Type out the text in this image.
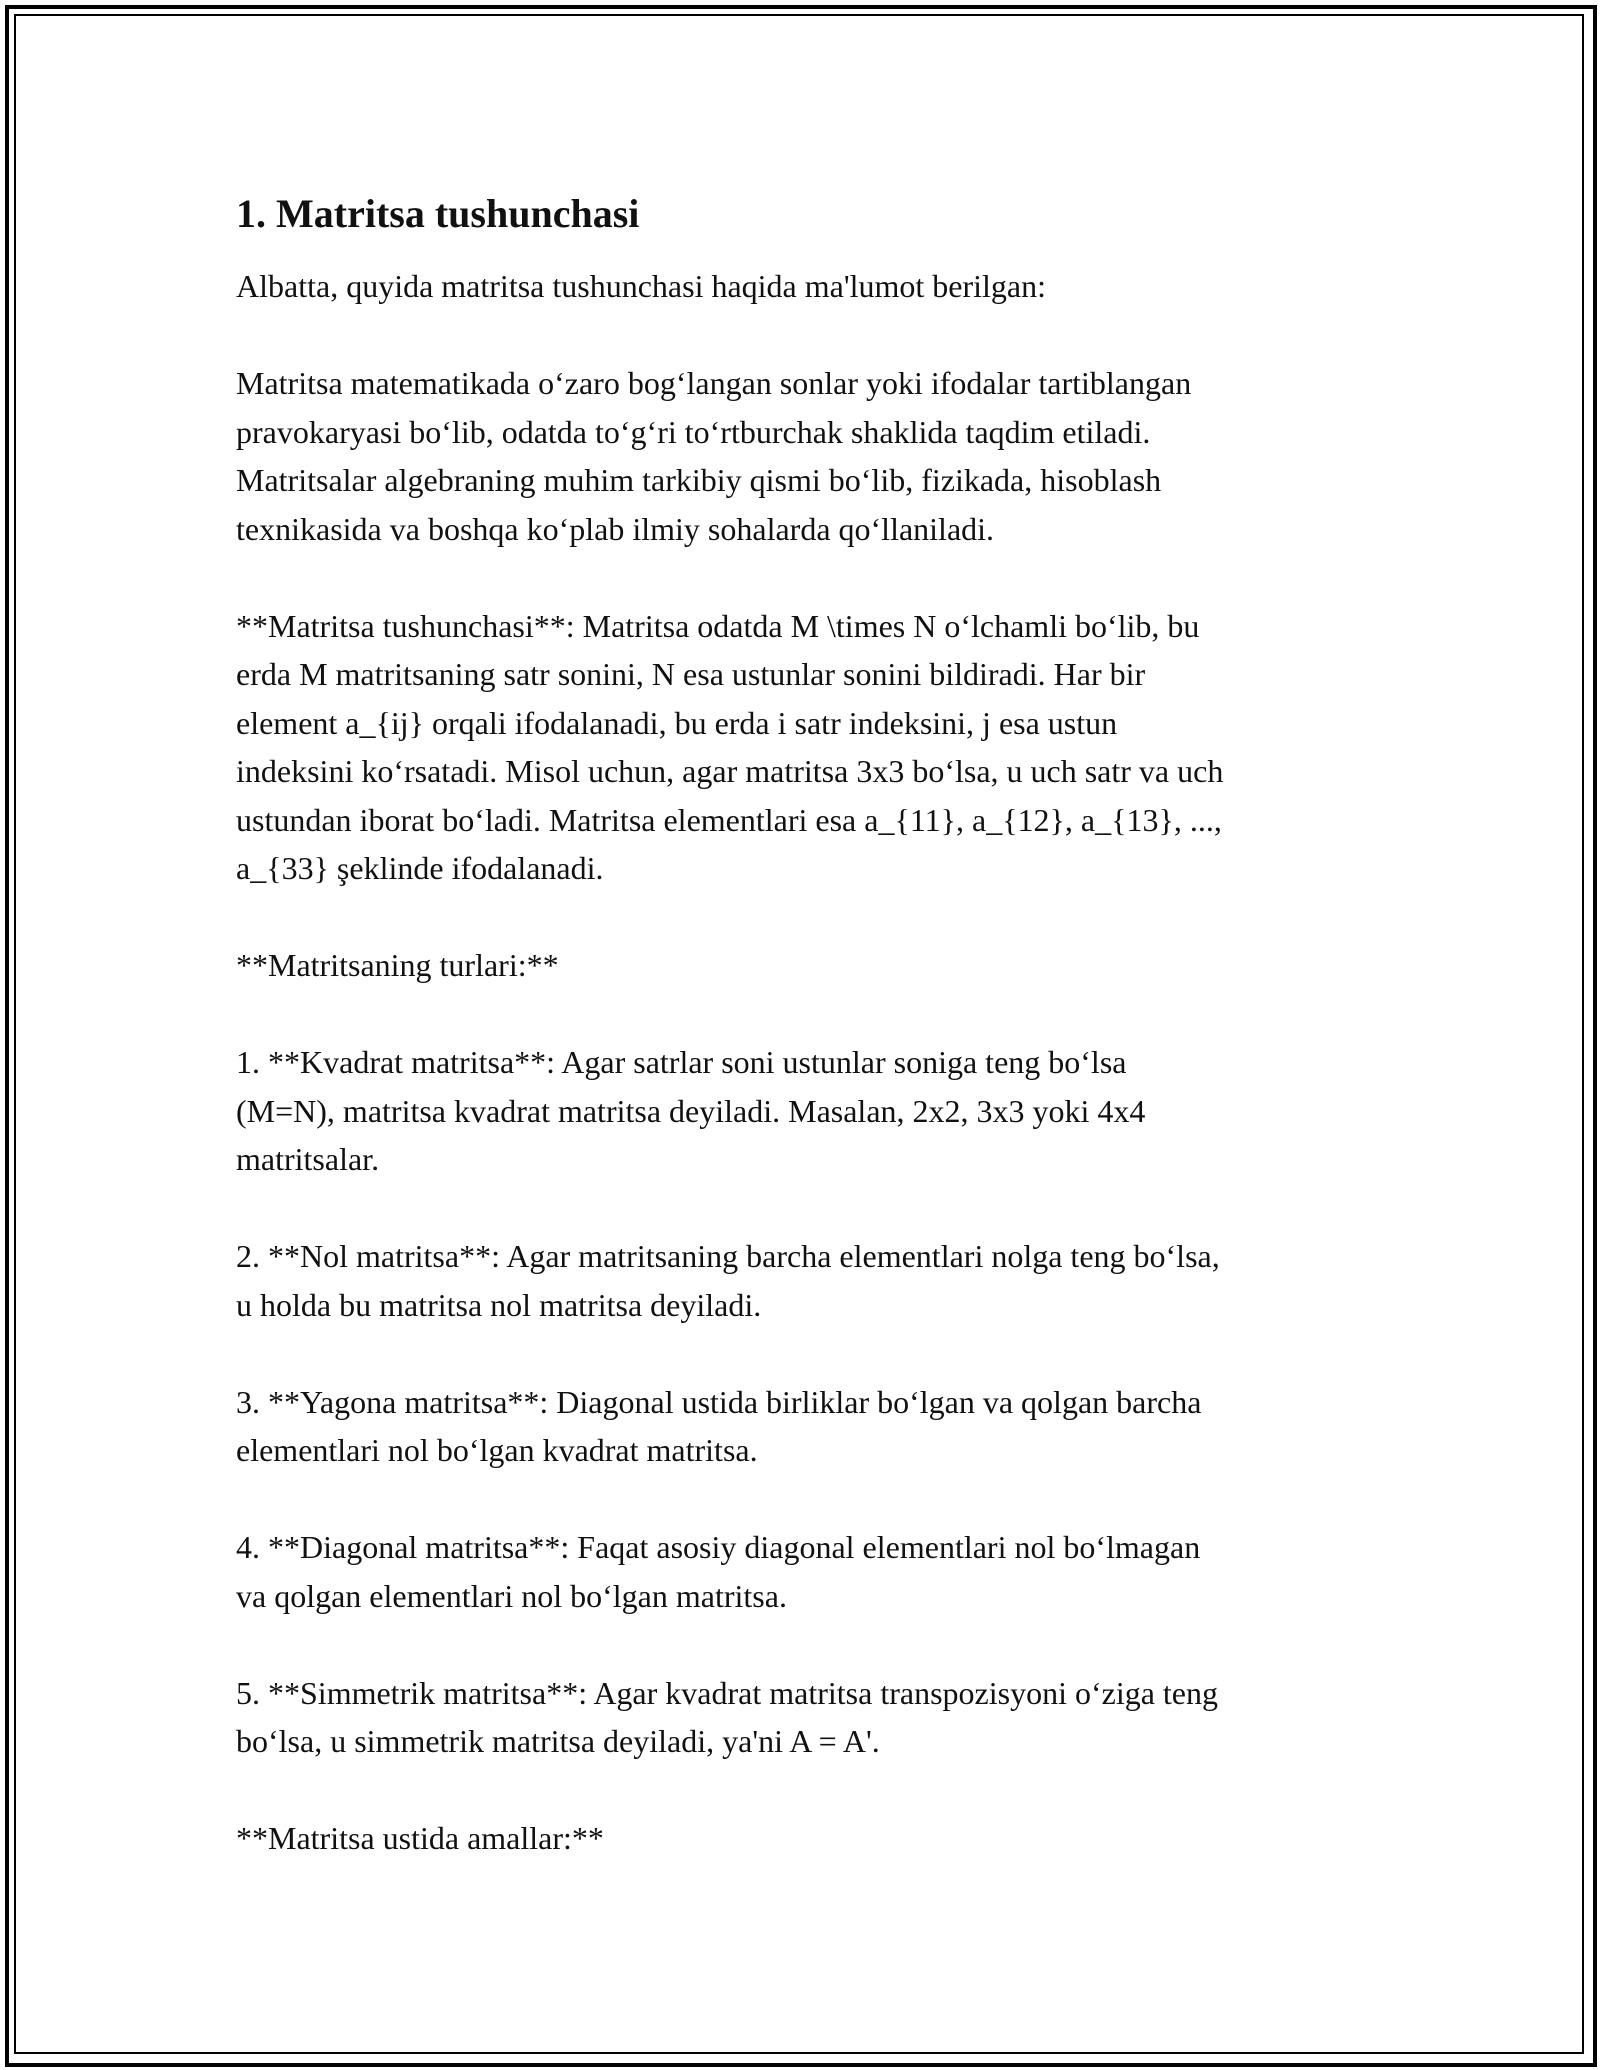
1. Matritsa tushunchasi

Albatta, quyida matritsa tushunchasi haqida ma'lumot berilgan:

Matritsa matematikada o‘zaro bog‘langan sonlar yoki ifodalar tartiblangan
pravokaryasi bo‘lib, odatda to‘g‘ri to‘rtburchak shaklida taqdim etiladi.
Matritsalar algebraning muhim tarkibiy qismi bo‘lib, fizikada, hisoblash
texnikasida va boshqa ko‘plab ilmiy sohalarda qo‘llaniladi.

**Matritsa tushunchasi**: Matritsa odatda M \times N o‘lchamli bo‘lib, bu
erda M matritsaning satr sonini, N esa ustunlar sonini bildiradi. Har bir
element a_{ij} orqali ifodalanadi, bu erda i satr indeksini, j esa ustun
indeksini ko‘rsatadi. Misol uchun, agar matritsa 3x3 bo‘lsa, u uch satr va uch
ustundan iborat bo‘ladi. Matritsa elementlari esa a_{11}, a_{12}, a_{13}, ...,
a_{33} şeklinde ifodalanadi.

**Matritsaning turlari:**

1. **Kvadrat matritsa**: Agar satrlar soni ustunlar soniga teng bo‘lsa
(M=N), matritsa kvadrat matritsa deyiladi. Masalan, 2x2, 3x3 yoki 4x4
matritsalar.

2. **Nol matritsa**: Agar matritsaning barcha elementlari nolga teng bo‘lsa,
u holda bu matritsa nol matritsa deyiladi.

3. **Yagona matritsa**: Diagonal ustida birliklar bo‘lgan va qolgan barcha
elementlari nol bo‘lgan kvadrat matritsa.

4. **Diagonal matritsa**: Faqat asosiy diagonal elementlari nol bo‘lmagan
va qolgan elementlari nol bo‘lgan matritsa.

5. **Simmetrik matritsa**: Agar kvadrat matritsa transpozisyoni o‘ziga teng
bo‘lsa, u simmetrik matritsa deyiladi, ya'ni A = A'.

**Matritsa ustida amallar:**
